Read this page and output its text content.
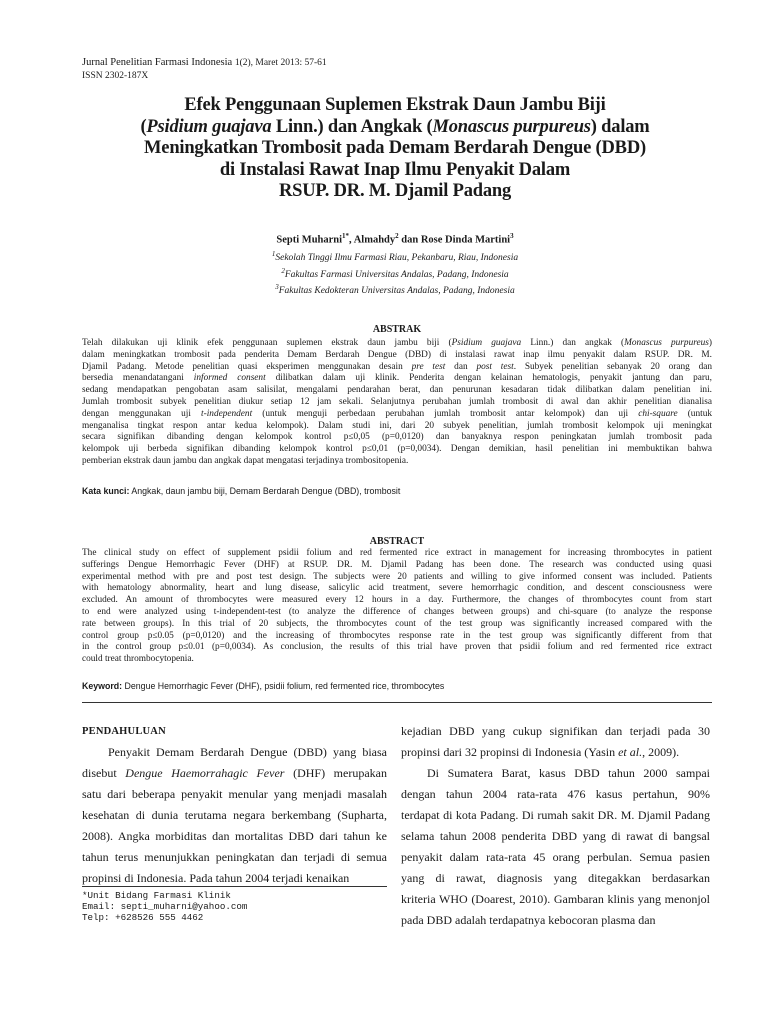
Jurnal Penelitian Farmasi Indonesia 1(2), Maret 2013: 57-61
ISSN 2302-187X
Efek Penggunaan Suplemen Ekstrak Daun Jambu Biji
(Psidium guajava Linn.) dan Angkak (Monascus purpureus) dalam
Meningkatkan Trombosit pada Demam Berdarah Dengue (DBD)
di Instalasi Rawat Inap Ilmu Penyakit Dalam
RSUP. DR. M. Djamil Padang
Septi Muharni$^{1*}$, Almahdy$^2$ dan Rose Dinda Martini$^3$
$^1$Sekolah Tinggi Ilmu Farmasi Riau, Pekanbaru, Riau, Indonesia
$^2$Fakultas Farmasi Universitas Andalas, Padang, Indonesia
$^3$Fakultas Kedokteran Universitas Andalas, Padang, Indonesia
ABSTRAK
Telah dilakukan uji klinik efek penggunaan suplemen ekstrak daun jambu biji (Psidium guajava Linn.) dan angkak (Monascus purpureus)
dalam meningkatkan trombosit pada penderita Demam Berdarah Dengue (DBD) di instalasi rawat inap ilmu penyakit dalam RSUP. DR. M.
Djamil Padang. Metode penelitian quasi eksperimen menggunakan desain pre test dan post test. Subyek penelitian sebanyak 20 orang dan
bersedia menandatangani informed consent dilibatkan dalam uji klinik. Penderita dengan kelainan hematologis, penyakit jantung dan paru,
sedang mendapatkan pengobatan asam salisilat, mengalami pendarahan berat, dan penurunan kesadaran tidak dilibatkan dalam penelitian ini.
Jumlah trombosit subyek penelitian diukur setiap 12 jam sekali. Selanjutnya perubahan jumlah trombosit di awal dan akhir penelitian dianalisa
dengan menggunakan uji t-independent (untuk menguji perbedaan perubahan jumlah trombosit antar kelompok) dan uji chi-square (untuk
menganalisa tingkat respon antar kedua kelompok). Dalam studi ini, dari 20 subyek penelitian, jumlah trombosit kelompok uji meningkat
secara signifikan dibanding dengan kelompok kontrol p≤0,05 (p=0,0120) dan banyaknya respon peningkatan jumlah trombosit pada
kelompok uji berbeda signifikan dibanding kelompok kontrol p≤0,01 (p=0,0034). Dengan demikian, hasil penelitian ini membuktikan bahwa
pemberian ekstrak daun jambu dan angkak dapat mengatasi terjadinya trombositopenia.
Kata kunci: Angkak, daun jambu biji, Demam Berdarah Dengue (DBD), trombosit
ABSTRACT
The clinical study on effect of supplement psidii folium and red fermented rice extract in management for increasing thrombocytes in patient
sufferings Dengue Hemorrhagic Fever (DHF) at RSUP. DR. M. Djamil Padang has been done. The research was conducted using quasi
experimental method with pre and post test design. The subjects were 20 patients and willing to give informed consent was included. Patients
with hematology abnormality, heart and lung disease, salicylic acid treatment, severe hemorrhagic condition, and descent consciousness were
excluded. An amount of thrombocytes were measured every 12 hours in a day. Furthermore, the changes of thrombocytes count from start
to end were analyzed using t-independent-test (to analyze the difference of changes between groups) and chi-square (to analyze the response
rate between groups). In this trial of 20 subjects, the thrombocytes count of the test group was significantly increased compared with the
control group p≤0.05 (p=0,0120) and the increasing of thrombocytes response rate in the test group was significantly different from that
in the control group p≤0.01 (p=0,0034). As conclusion, the results of this trial have proven that psidii folium and red fermented rice extract
could treat thrombocytopenia.
Keyword: Dengue Hemorrhagic Fever (DHF), psidii folium, red fermented rice, thrombocytes
PENDAHULUAN
Penyakit Demam Berdarah Dengue (DBD) yang biasa
disebut Dengue Haemorrahagic Fever (DHF) merupakan
satu dari beberapa penyakit menular yang menjadi masalah
kesehatan di dunia terutama negara berkembang (Supharta,
2008). Angka morbiditas dan mortalitas DBD dari tahun ke
tahun terus menunjukkan peningkatan dan terjadi di semua
propinsi di Indonesia. Pada tahun 2004 terjadi kenaikan
kejadian DBD yang cukup signifikan dan terjadi pada 30
propinsi dari 32 propinsi di Indonesia (Yasin et al., 2009).
Di Sumatera Barat, kasus DBD tahun 2000 sampai
dengan tahun 2004 rata-rata 476 kasus pertahun, 90%
terdapat di kota Padang. Di rumah sakit DR. M. Djamil Padang
selama tahun 2008 penderita DBD yang di rawat di bangsal
penyakit dalam rata-rata 45 orang perbulan. Semua pasien
yang di rawat, diagnosis yang ditegakkan berdasarkan
kriteria WHO (Doarest, 2010). Gambaran klinis yang menonjol
pada DBD adalah terdapatnya kebocoran plasma dan
*Unit Bidang Farmasi Klinik
Email: septi_muharni@yahoo.com
Telp: +628526 555 4462
